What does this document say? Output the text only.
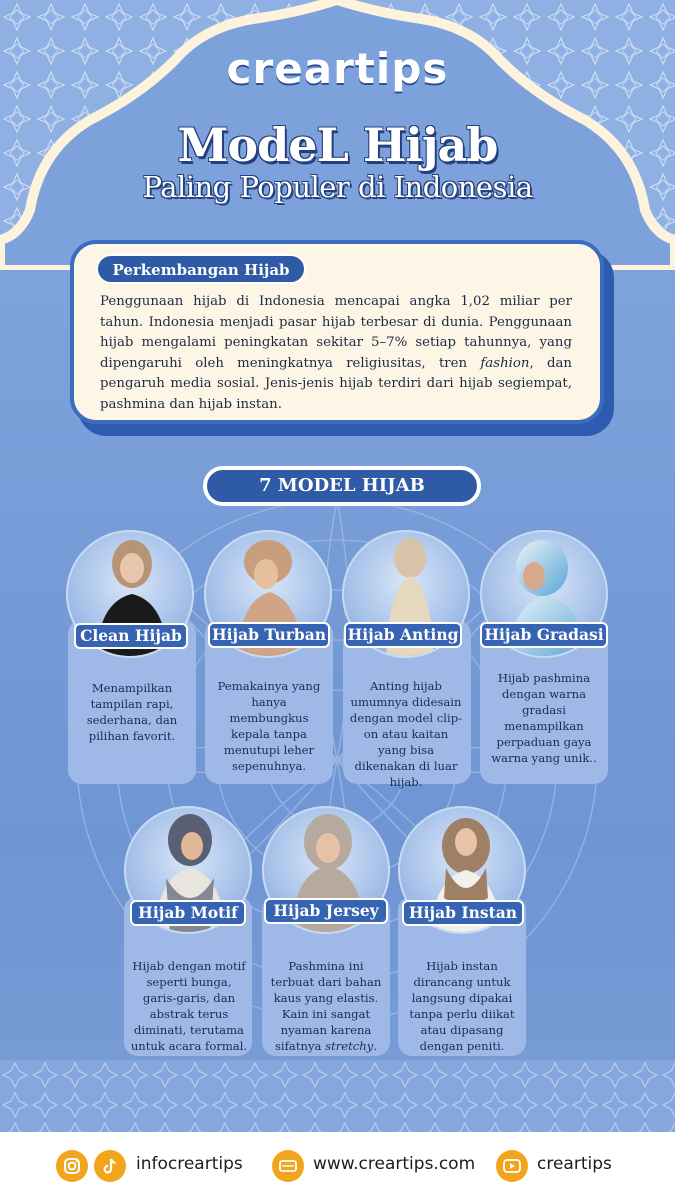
creartips
ModeL Hijab
Paling Populer di Indonesia
Perkembangan Hijab
Penggunaan hijab di Indonesia mencapai angka 1,02 miliar per tahun. Indonesia menjadi pasar hijab terbesar di dunia. Penggunaan hijab mengalami peningkatan sekitar 5–7% setiap tahunnya, yang dipengaruhi oleh meningkatnya religiusitas, tren fashion, dan pengaruh media sosial. Jenis-jenis hijab terdiri dari hijab segiempat, pashmina dan hijab instan.
7 MODEL HIJAB
Clean Hijab
Menampilkan tampilan rapi, sederhana, dan pilihan favorit.
Hijab Turban
Pemakainya yang hanya membungkus kepala tanpa menutupi leher sepenuhnya.
Hijab Anting
Anting hijab umumnya didesain dengan model clip-on atau kaitan yang bisa dikenakan di luar hijab.
Hijab Gradasi
Hijab pashmina dengan warna gradasi menampilkan perpaduan gaya warna yang unik..
Hijab Motif
Hijab dengan motif seperti bunga, garis-garis, dan abstrak terus diminati, terutama untuk acara formal.
Hijab Jersey
Pashmina ini terbuat dari bahan kaus yang elastis. Kain ini sangat nyaman karena sifatnya stretchy.
Hijab Instan
Hijab instan dirancang untuk langsung dipakai tanpa perlu diikat atau dipasang dengan peniti.
infocreartips	www.creartips.com	creartips
